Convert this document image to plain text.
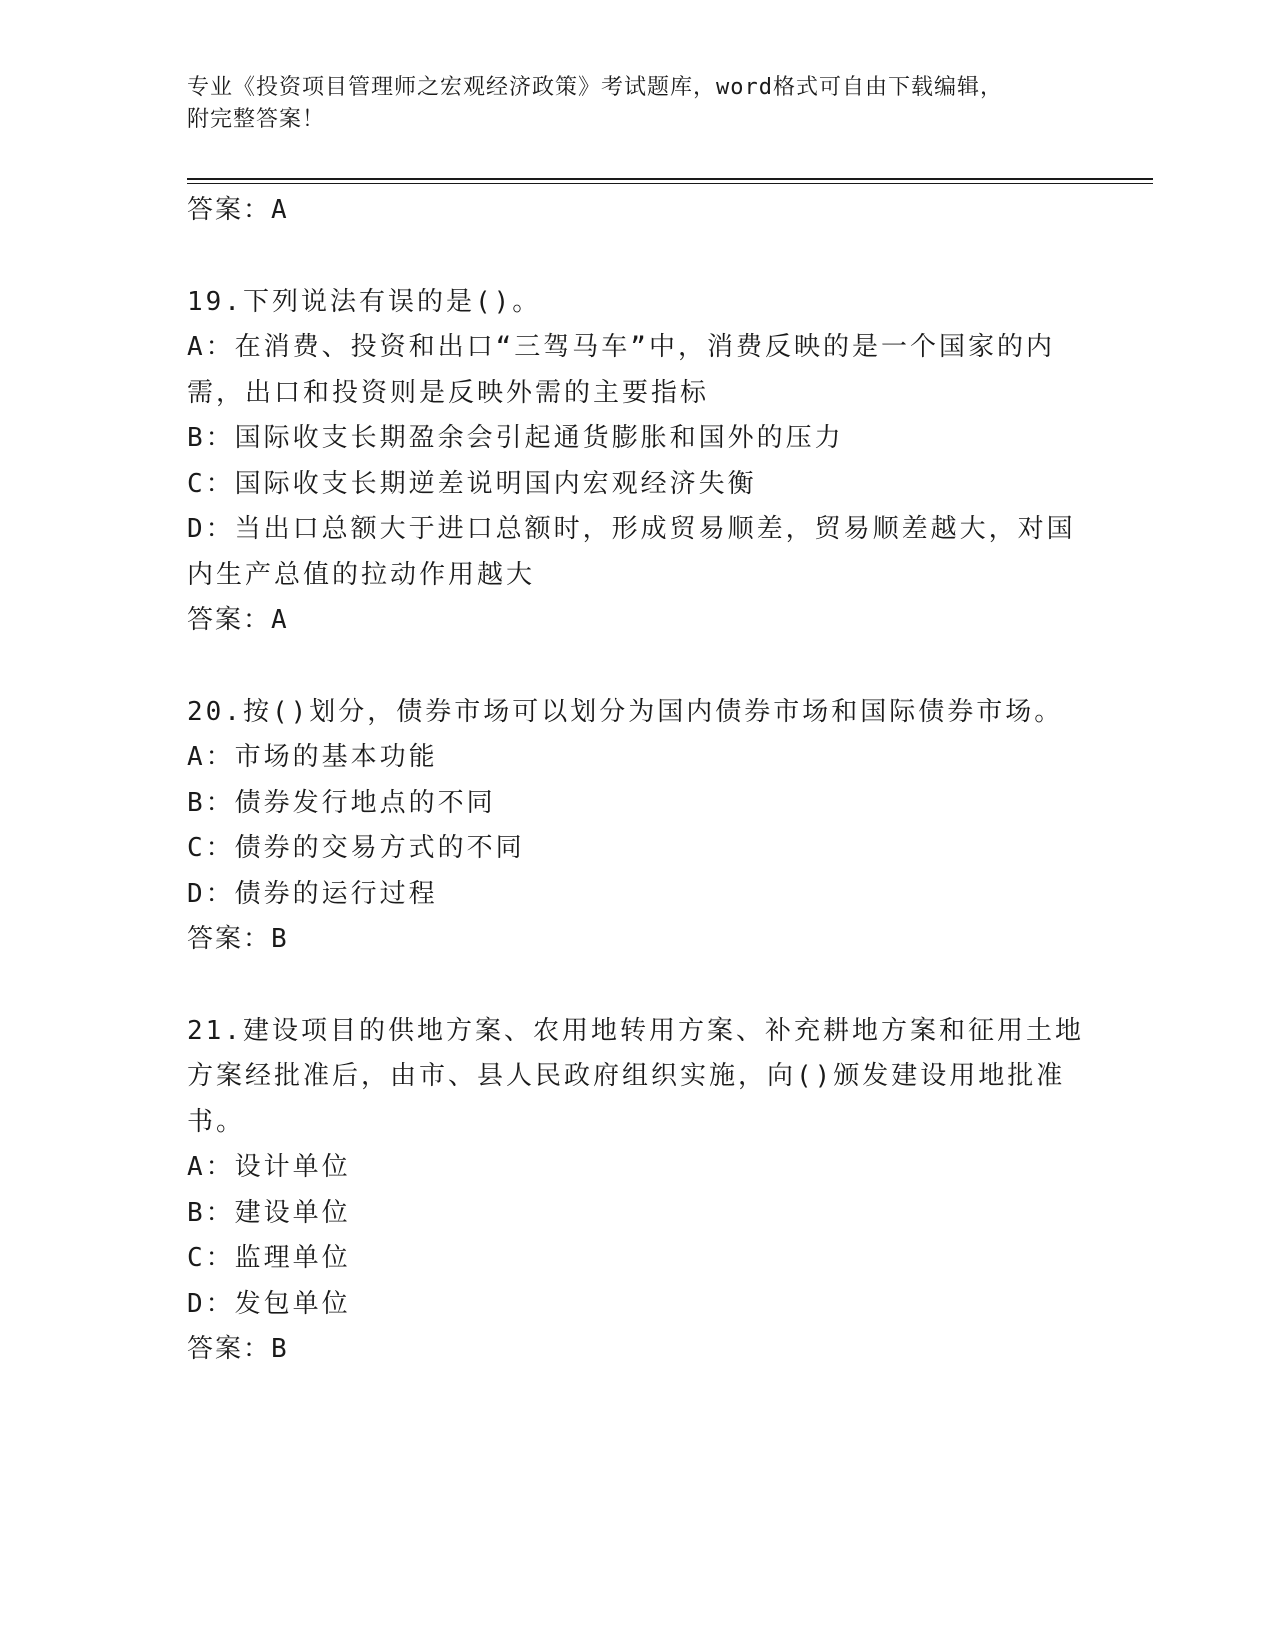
专业《投资项目管理师之宏观经济政策》考试题库，word格式可自由下载编辑，
附完整答案！
答案：A
19.下列说法有误的是()。
A：在消费、投资和出口“三驾马车”中，消费反映的是一个国家的内
需，出口和投资则是反映外需的主要指标
B：国际收支长期盈余会引起通货膨胀和国外的压力
C：国际收支长期逆差说明国内宏观经济失衡
D：当出口总额大于进口总额时，形成贸易顺差，贸易顺差越大，对国
内生产总值的拉动作用越大
答案：A
20.按()划分，债券市场可以划分为国内债券市场和国际债券市场。
A：市场的基本功能
B：债券发行地点的不同
C：债券的交易方式的不同
D：债券的运行过程
答案：B
21.建设项目的供地方案、农用地转用方案、补充耕地方案和征用土地
方案经批准后，由市、县人民政府组织实施，向()颁发建设用地批准
书。
A：设计单位
B：建设单位
C：监理单位
D：发包单位
答案：B
